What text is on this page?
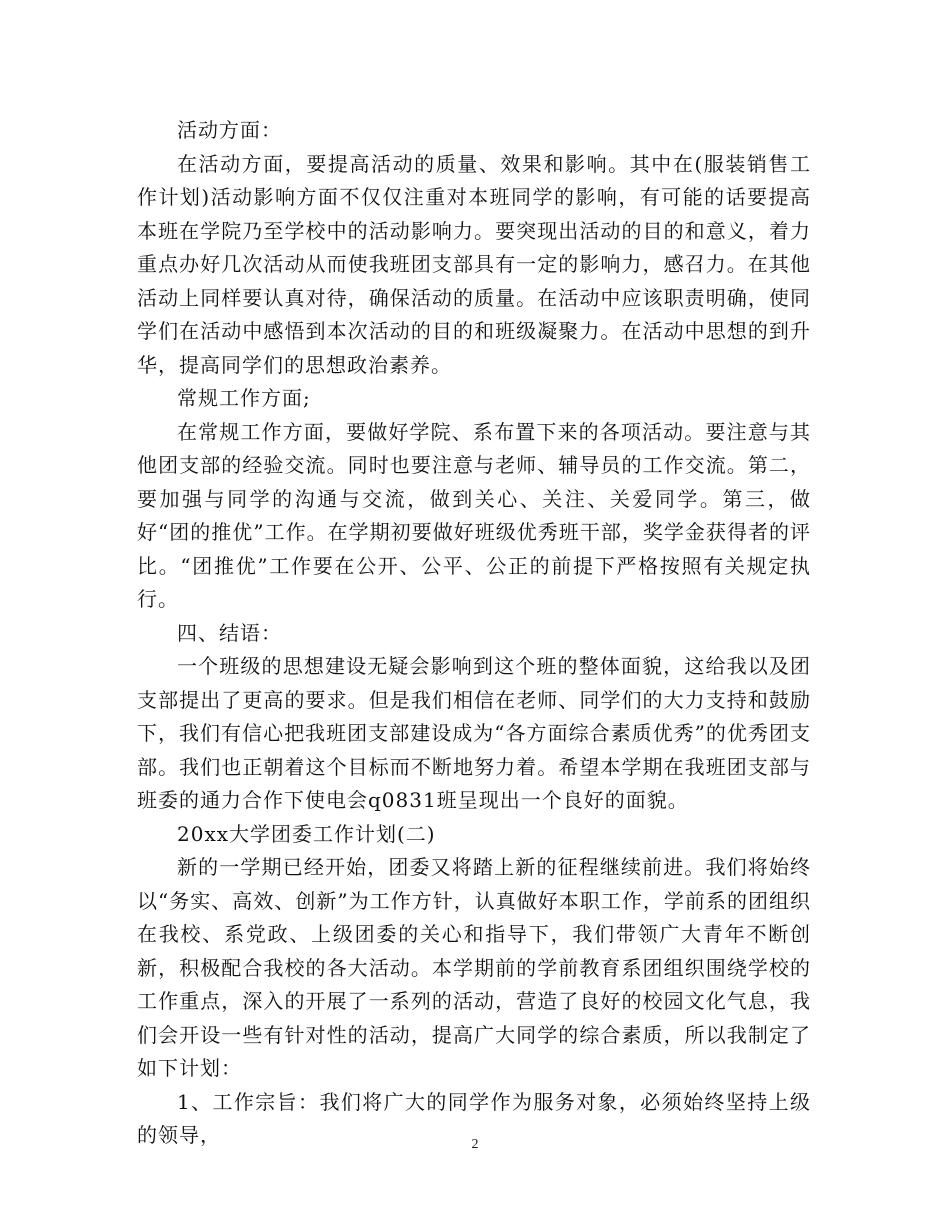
活动方面：

在活动方面，要提高活动的质量、效果和影响。其中在(服装销售工作计划)活动影响方面不仅仅注重对本班同学的影响，有可能的话要提高本班在学院乃至学校中的活动影响力。要突现出活动的目的和意义，着力重点办好几次活动从而使我班团支部具有一定的影响力，感召力。在其他活动上同样要认真对待，确保活动的质量。在活动中应该职责明确，使同学们在活动中感悟到本次活动的目的和班级凝聚力。在活动中思想的到升华，提高同学们的思想政治素养。

常规工作方面;

在常规工作方面，要做好学院、系布置下来的各项活动。要注意与其他团支部的经验交流。同时也要注意与老师、辅导员的工作交流。第二，要加强与同学的沟通与交流，做到关心、关注、关爱同学。第三，做好“团的推优”工作。在学期初要做好班级优秀班干部，奖学金获得者的评比。“团推优”工作要在公开、公平、公正的前提下严格按照有关规定执行。

四、结语：

一个班级的思想建设无疑会影响到这个班的整体面貌，这给我以及团支部提出了更高的要求。但是我们相信在老师、同学们的大力支持和鼓励下，我们有信心把我班团支部建设成为“各方面综合素质优秀”的优秀团支部。我们也正朝着这个目标而不断地努力着。希望本学期在我班团支部与班委的通力合作下使电会q0831班呈现出一个良好的面貌。

20xx大学团委工作计划(二)

新的一学期已经开始，团委又将踏上新的征程继续前进。我们将始终以“务实、高效、创新”为工作方针，认真做好本职工作，学前系的团组织在我校、系党政、上级团委的关心和指导下，我们带领广大青年不断创新，积极配合我校的各大活动。本学期前的学前教育系团组织围绕学校的工作重点，深入的开展了一系列的活动，营造了良好的校园文化气息，我们会开设一些有针对性的活动，提高广大同学的综合素质，所以我制定了如下计划：

1、工作宗旨：我们将广大的同学作为服务对象，必须始终坚持上级的领导，	2
